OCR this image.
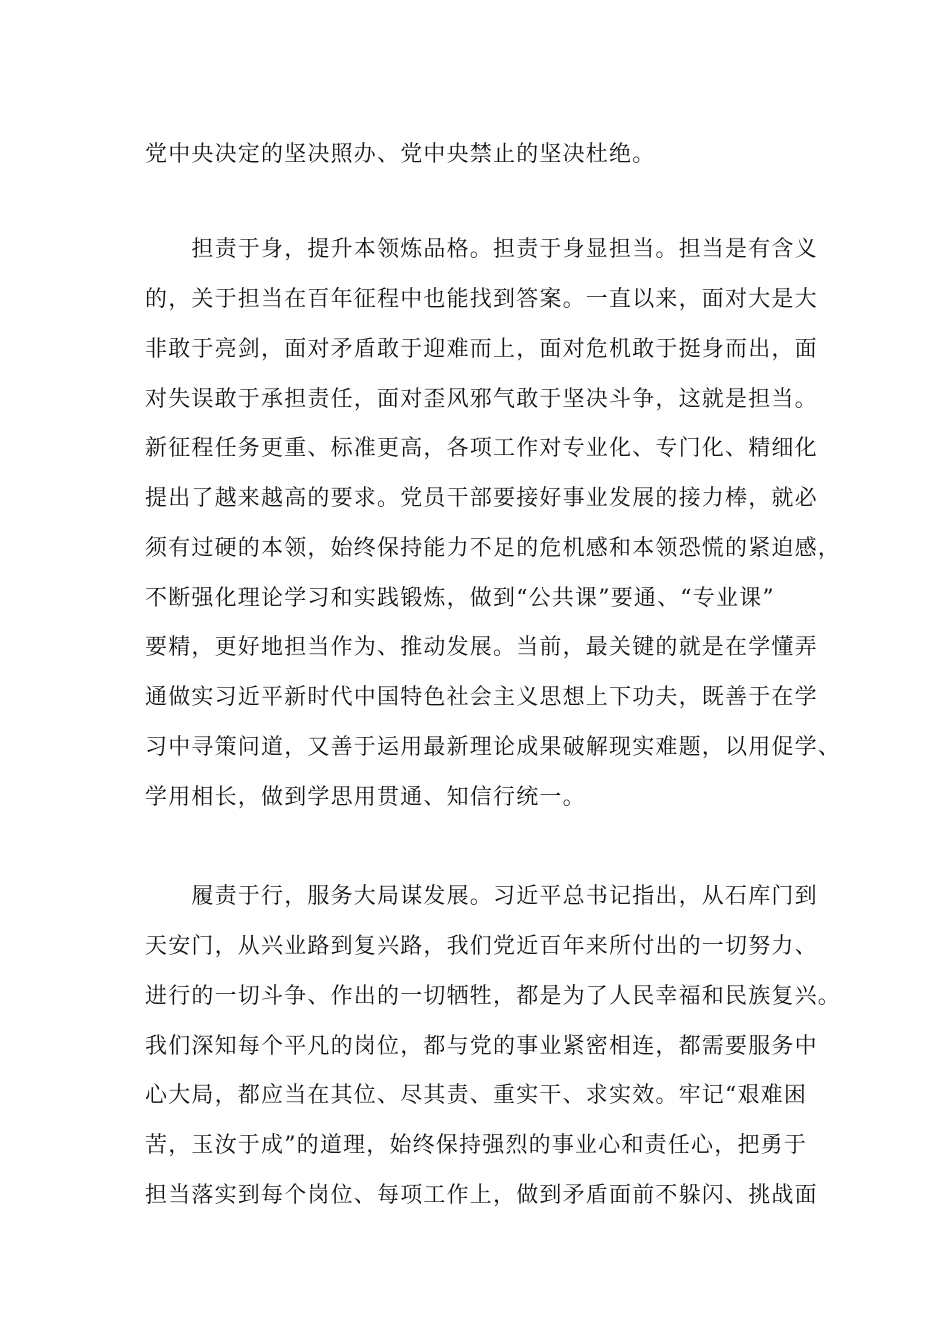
党中央决定的坚决照办、党中央禁止的坚决杜绝。
　　担责于身，提升本领炼品格。担责于身显担当。担当是有含义
的，关于担当在百年征程中也能找到答案。一直以来，面对大是大
非敢于亮剑，面对矛盾敢于迎难而上，面对危机敢于挺身而出，面
对失误敢于承担责任，面对歪风邪气敢于坚决斗争，这就是担当。
新征程任务更重、标准更高，各项工作对专业化、专门化、精细化
提出了越来越高的要求。党员干部要接好事业发展的接力棒，就必
须有过硬的本领，始终保持能力不足的危机感和本领恐慌的紧迫感，
不断强化理论学习和实践锻炼，做到“公共课”要通、“专业课”
要精，更好地担当作为、推动发展。当前，最关键的就是在学懂弄
通做实习近平新时代中国特色社会主义思想上下功夫，既善于在学
习中寻策问道，又善于运用最新理论成果破解现实难题，以用促学、
学用相长，做到学思用贯通、知信行统一。
　　履责于行，服务大局谋发展。习近平总书记指出，从石库门到
天安门，从兴业路到复兴路，我们党近百年来所付出的一切努力、
进行的一切斗争、作出的一切牺牲，都是为了人民幸福和民族复兴。
我们深知每个平凡的岗位，都与党的事业紧密相连，都需要服务中
心大局，都应当在其位、尽其责、重实干、求实效。牢记“艰难困
苦，玉汝于成”的道理，始终保持强烈的事业心和责任心，把勇于
担当落实到每个岗位、每项工作上，做到矛盾面前不躲闪、挑战面
